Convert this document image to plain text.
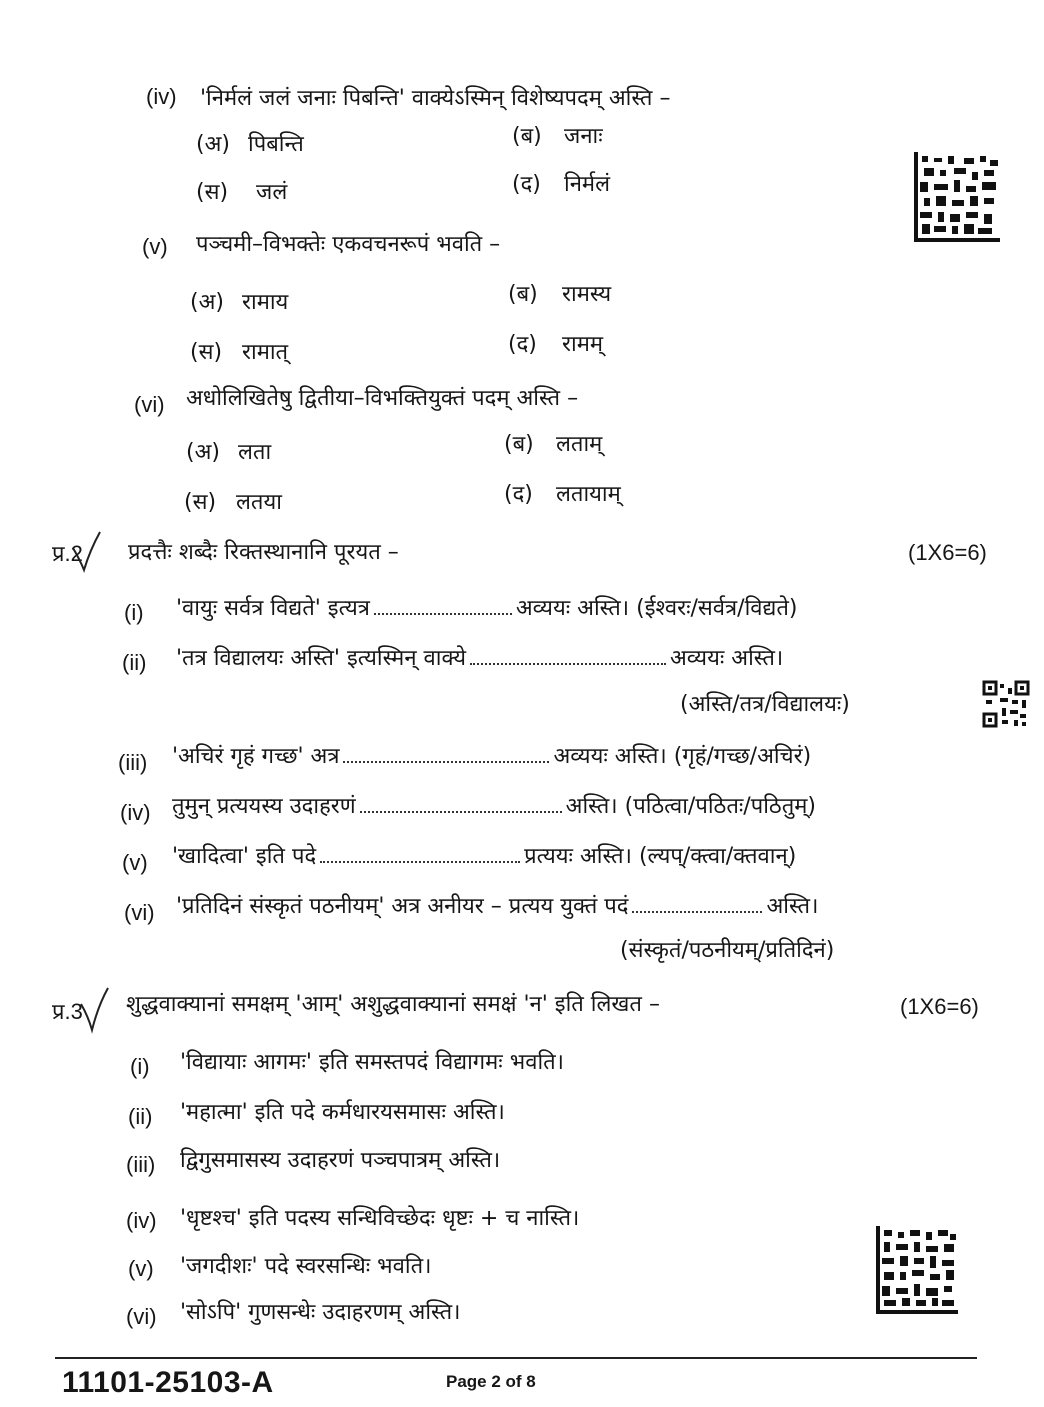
(iv) 'निर्मलं जलं जनाः पिबन्ति' वाक्येऽस्मिन् विशेष्यपदम् अस्ति –
(अ) पिबन्ति	(ब) जनाः
(स) जलं	(द) निर्मलं
(v) पञ्चमी–विभक्तेः एकवचनरूपं भवति –
(अ) रामाय	(ब) रामस्य
(स) रामात्	(द) रामम्
(vi) अधोलिखितेषु द्वितीया–विभक्तियुक्तं पदम् अस्ति –
(अ) लता	(ब) लताम्
(स) लतया	(द) लतायाम्
प्र.2 प्रदत्तैः शब्दैः रिक्तस्थानानि पूरयत –	(1X6=6)
(i) 'वायुः सर्वत्र विद्यते' इत्यत्र	अव्ययः अस्ति। (ईश्वरः/सर्वत्र/विद्यते)
(ii) 'तत्र विद्यालयः अस्ति' इत्यस्मिन् वाक्ये	अव्ययः अस्ति।
(अस्ति/तत्र/विद्यालयः)
(iii) 'अचिरं गृहं गच्छ' अत्र	अव्ययः अस्ति। (गृहं/गच्छ/अचिरं)
(iv) तुमुन् प्रत्ययस्य उदाहरणं	अस्ति। (पठित्वा/पठितः/पठितुम्)
(v) 'खादित्वा' इति पदे	प्रत्ययः अस्ति। (ल्यप्/क्त्वा/क्तवान्)
(vi) 'प्रतिदिनं संस्कृतं पठनीयम्' अत्र अनीयर – प्रत्यय युक्तं पदं	अस्ति।
(संस्कृतं/पठनीयम्/प्रतिदिनं)
प्र.3 शुद्धवाक्यानां समक्षम् 'आम्' अशुद्धवाक्यानां समक्षं 'न' इति लिखत –	(1X6=6)
(i) 'विद्यायाः आगमः' इति समस्तपदं विद्यागमः भवति।
(ii) 'महात्मा' इति पदे कर्मधारयसमासः अस्ति।
(iii) द्विगुसमासस्य उदाहरणं पञ्चपात्रम् अस्ति।
(iv) 'धृष्टश्च' इति पदस्य सन्धिविच्छेदः धृष्टः + च नास्ति।
(v) 'जगदीशः' पदे स्वरसन्धिः भवति।
(vi) 'सोऽपि' गुणसन्धेः उदाहरणम् अस्ति।
11101-25103-A	Page 2 of 8
